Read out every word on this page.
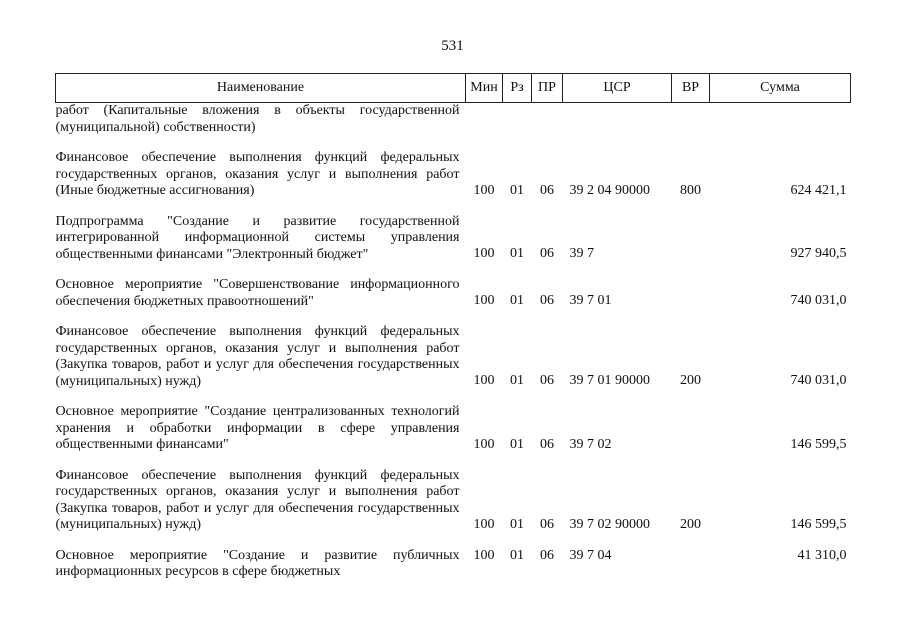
531
Наименование	Мин	Рз	ПР	ЦСР	ВР	Сумма
работ (Капитальные вложения в объекты государственной (муниципальной) собственности)						
Финансовое обеспечение выполнения функций федеральных государственных органов, оказания услуг и выполнения работ (Иные бюджетные ассигнования)	100	01	06	39 2 04 90000	800	624 421,1
Подпрограмма "Создание и развитие государственной интегрированной информационной системы управления общественными финансами "Электронный бюджет"	100	01	06	39 7		927 940,5
Основное мероприятие "Совершенствование информационного обеспечения бюджетных правоотношений"	100	01	06	39 7 01		740 031,0
Финансовое обеспечение выполнения функций федеральных государственных органов, оказания услуг и выполнения работ (Закупка товаров, работ и услуг для обеспечения государственных (муниципальных) нужд)	100	01	06	39 7 01 90000	200	740 031,0
Основное мероприятие "Создание централизованных технологий хранения и обработки информации в сфере управления общественными финансами"	100	01	06	39 7 02		146 599,5
Финансовое обеспечение выполнения функций федеральных государственных органов, оказания услуг и выполнения работ (Закупка товаров, работ и услуг для обеспечения государственных (муниципальных) нужд)	100	01	06	39 7 02 90000	200	146 599,5
Основное мероприятие "Создание и развитие публичных информационных ресурсов в сфере бюджетных	100	01	06	39 7 04		41 310,0
